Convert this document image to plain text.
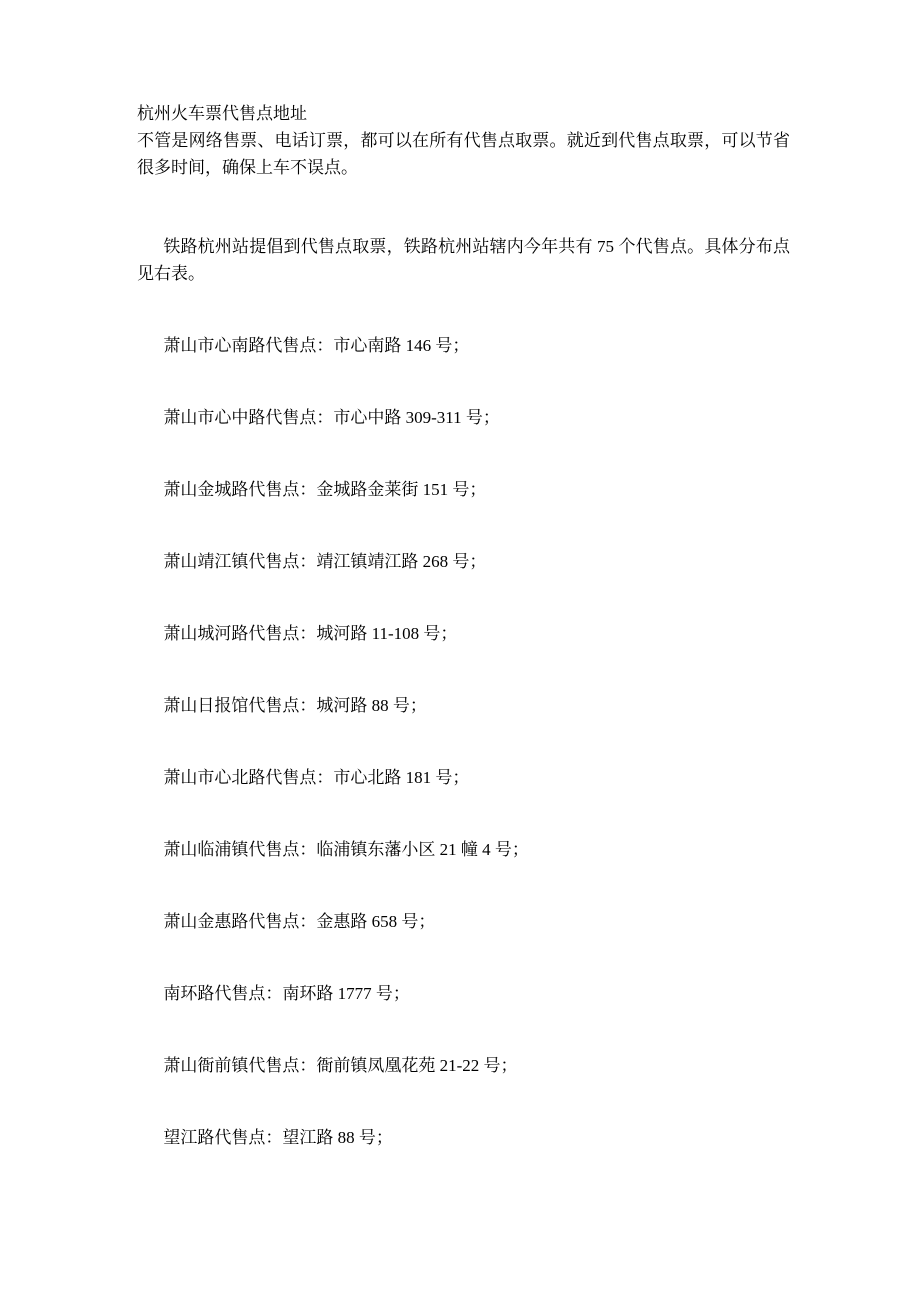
杭州火车票代售点地址

不管是网络售票、电话订票，都可以在所有代售点取票。就近到代售点取票，可以节省很多时间，确保上车不误点。

铁路杭州站提倡到代售点取票，铁路杭州站辖内今年共有 75 个代售点。具体分布点见右表。

萧山市心南路代售点：市心南路 146 号；

萧山市心中路代售点：市心中路 309-311 号；

萧山金城路代售点：金城路金莱街 151 号；

萧山靖江镇代售点：靖江镇靖江路 268 号；

萧山城河路代售点：城河路 11-108 号；

萧山日报馆代售点：城河路 88 号；

萧山市心北路代售点：市心北路 181 号；

萧山临浦镇代售点：临浦镇东藩小区 21 幢 4 号；

萧山金惠路代售点：金惠路 658 号；

南环路代售点：南环路 1777 号；

萧山衙前镇代售点：衙前镇凤凰花苑 21-22 号；

望江路代售点：望江路 88 号；
